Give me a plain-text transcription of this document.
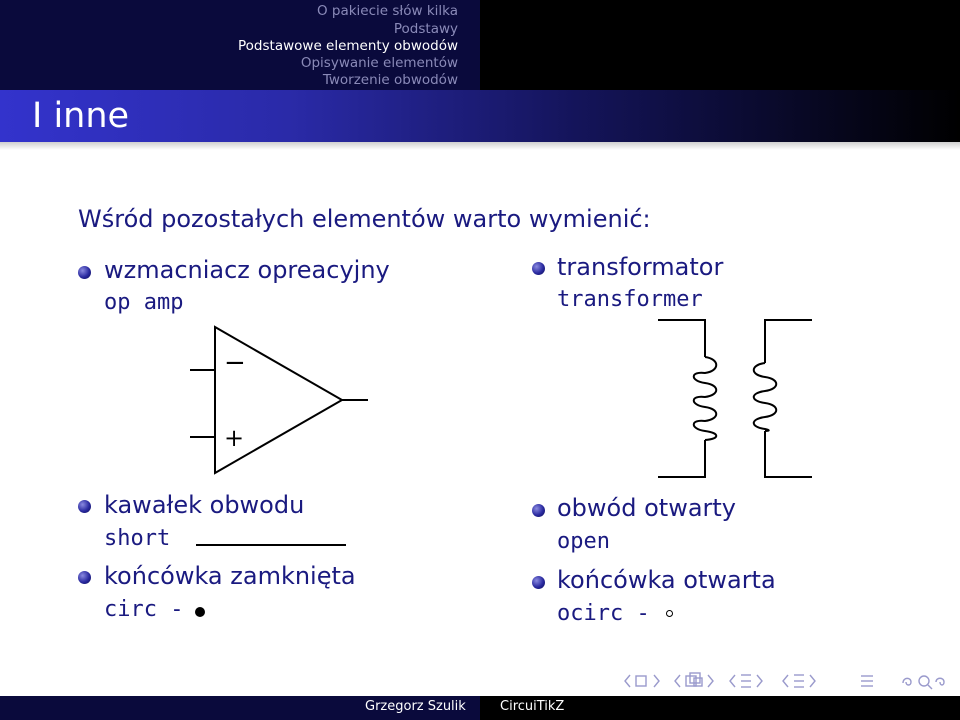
O pakiecie słów kilka
Podstawy
Podstawowe elementy obwodów
Opisywanie elementów
Tworzenie obwodów
I inne
Wśród pozostałych elementów warto wymienić:
wzmacniacz opreacyjny
op amp
transformator
transformer
−
+
kawałek obwodu
short
obwód otwarty
open
końcówka zamknięta
circ -
końcówka otwarta
ocirc -
Grzegorz Szulik	CircuiTikZ
